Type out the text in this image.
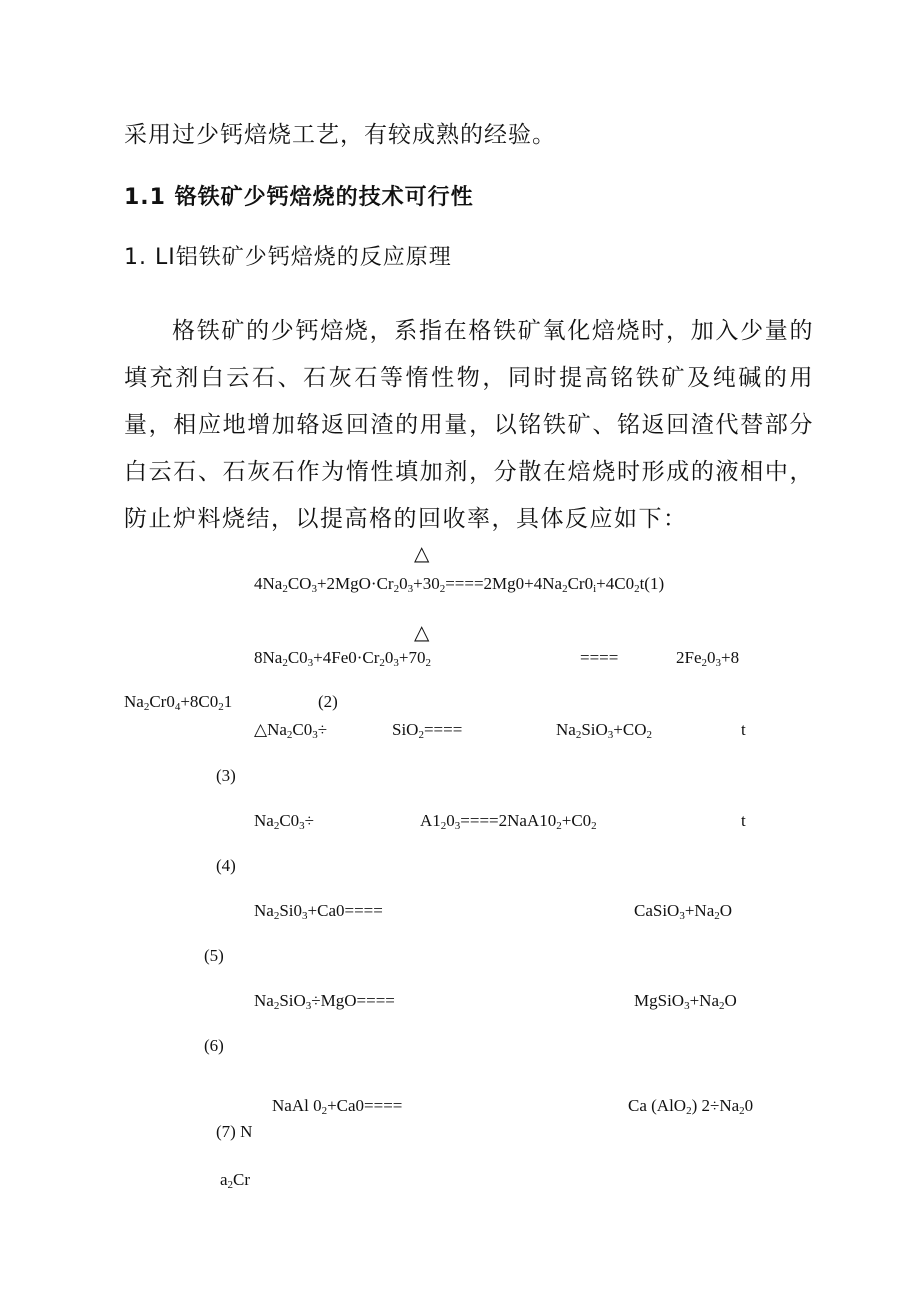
采用过少钙焙烧工艺，有较成熟的经验。
1.1 铬铁矿少钙焙烧的技术可行性
1. LI铝铁矿少钙焙烧的反应原理

格铁矿的少钙焙烧，系指在格铁矿氧化焙烧时，加入少量的填充剂白云石、石灰石等惰性物，同时提高铭铁矿及纯碱的用量，相应地增加辂返回渣的用量，以铭铁矿、铭返回渣代替部分白云石、石灰石作为惰性填加剂，分散在焙烧时形成的液相中，防止炉料烧结，以提高格的回收率，具体反应如下：

△
$4Na_2CO_3+2MgO\cdot Cr_20_3+30_2====2Mg0+4Na_2Cr0_i+4C0_2t(1)$
△
$8Na_2C0_3+4Fe0\cdot Cr_20_3+70_2$	====	$2Fe_20_3+8$
$Na_2Cr0_4+8C0_21$	(2)
$\triangle Na_2C0_3\div$	SiO$_2$====	$Na_2SiO_3+CO_2$	t
(3)
$Na_2C0_3\div$	$A1_20_3====2NaA10_2+C0_2$	t
(4)
$Na_2Si0_3+Ca0====$	$CaSiO_3+Na_2O$
(5)
$Na_2SiO_3\div MgO====$	$MgSiO_3+Na_2O$
(6)
NaAl $0_2+Ca0====$	Ca (AlO$_2$) $2\div Na_20$
(7) N
$a_2Cr$
